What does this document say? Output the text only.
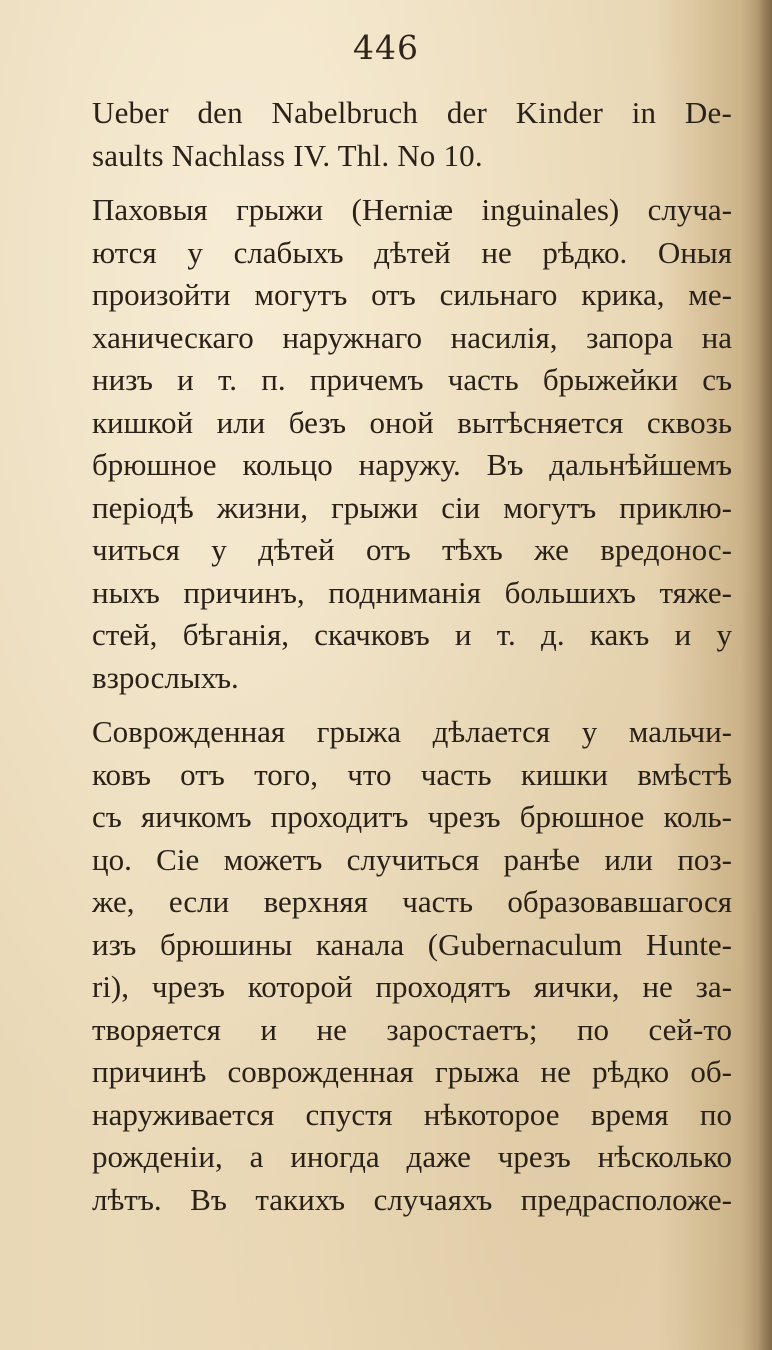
446
Ueber den Nabelbruch der Kinder in De-
saults Nachlass IV. Thl. No 10.
Паховыя грыжи (Herniæ inguinales) случа-
ются у слабыхъ дѣтей не рѣдко. Оныя
произойти могутъ отъ сильнаго крика, ме-
ханическаго наружнаго насилія, запора на
низъ и т. п. причемъ часть брыжейки съ
кишкой или безъ оной вытѣсняется сквозь
брюшное кольцо наружу. Въ дальнѣйшемъ
періодѣ жизни, грыжи сіи могутъ приклю-
читься у дѣтей отъ тѣхъ же вредонос-
ныхъ причинъ, подниманія большихъ тяже-
стей, бѣганія, скачковъ и т. д. какъ и у
взрослыхъ.
Соврожденная грыжа дѣлается у мальчи-
ковъ отъ того, что часть кишки вмѣстѣ
съ яичкомъ проходитъ чрезъ брюшное коль-
цо. Сіе можетъ случиться ранѣе или поз-
же, если верхняя часть образовавшагося
изъ брюшины канала (Gubernaculum Hunte-
ri), чрезъ которой проходятъ яички, не за-
творяется и не заростаетъ; по сей-то
причинѣ соврожденная грыжа не рѣдко об-
наруживается спустя нѣкоторое время по
рожденіи, а иногда даже чрезъ нѣсколько
лѣтъ. Въ такихъ случаяхъ предрасположе-
